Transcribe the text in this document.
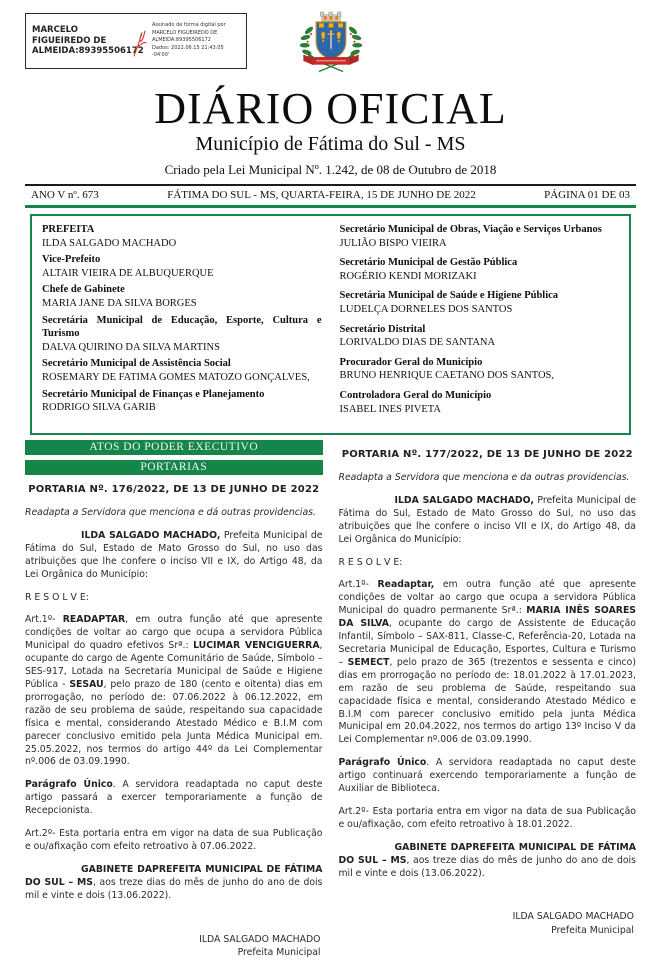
MARCELO FIGUEIREDO DE ALMEIDA:89395506172
Assinado de forma digital por
MARCELO FIGUEIREDO DE
ALMEIDA:89395506172
Dados: 2022.06.15 21:43:05 -04'00'
DIÁRIO OFICIAL
Município de Fátima do Sul - MS
Criado pela Lei Municipal Nº. 1.242, de 08 de Outubro de 2018
ANO V nº. 673	FÁTIMA DO SUL - MS, QUARTA-FEIRA, 15 DE JUNHO DE 2022	PÁGINA 01 DE 03
PREFEITA
ILDA SALGADO MACHADO
Vice-Prefeito
ALTAIR VIEIRA DE ALBUQUERQUE
Chefe de Gabinete
MARIA JANE DA SILVA BORGES
Secretária Municipal de Educação, Esporte, Cultura e Turismo
DALVA QUIRINO DA SILVA MARTINS
Secretário Municipal de Assistência Social
ROSEMARY DE FATIMA GOMES MATOZO GONÇALVES,
Secretário Municipal de Finanças e Planejamento
RODRIGO SILVA GARIB
Secretário Municipal de Obras, Viação e Serviços Urbanos
JULIÃO BISPO VIEIRA
Secretário Municipal de Gestão Pública
ROGÉRIO KENDI MORIZAKI
Secretária Municipal de Saúde e Higiene Pública
LUDELÇA DORNELES DOS SANTOS
Secretário Distrital
LORIVALDO DIAS DE SANTANA
Procurador Geral do Município
BRUNO HENRIQUE CAETANO DOS SANTOS,
Controladora Geral do Município
ISABEL INES PIVETA
ATOS DO PODER EXECUTIVO
PORTARIAS
PORTARIA Nº. 176/2022, DE 13 DE JUNHO DE 2022

Readapta a Servidora que menciona e dá outras providencias.

ILDA SALGADO MACHADO, Prefeita Municipal de Fátima do Sul, Estado de Mato Grosso do Sul, no uso das atribuições que lhe confere o inciso VII e IX, do Artigo 48, da Lei Orgânica do Município:

R E S O L V E:

Art.1º- READAPTAR, em outra função até que apresente condições de voltar ao cargo que ocupa a servidora Pública Municipal do quadro efetivos Srª.: LUCIMAR VENCIGUERRA, ocupante do cargo de Agente Comunitário de Saúde, Símbolo – SES-917, Lotada na Secretaria Municipal de Saúde e Higiene Pública - SESAU, pelo prazo de 180 (cento e oitenta) dias em prorrogação, no período de: 07.06.2022 à 06.12.2022, em razão de seu problema de saúde, respeitando sua capacidade física e mental, considerando Atestado Médico e B.I.M com parecer conclusivo emitido pela Junta Médica Municipal em. 25.05.2022, nos termos do artigo 44º da Lei Complementar nº.006 de 03.09.1990.

Parágrafo Único. A servidora readaptada no caput deste artigo passará a exercer temporariamente a função de Recepcionista.

Art.2º- Esta portaria entra em vigor na data de sua Publicação e ou/afixação com efeito retroativo à 07.06.2022.

GABINETE DAPREFEITA MUNICIPAL DE FÁTIMA DO SUL – MS, aos treze dias do mês de junho do ano de dois mil e vinte e dois (13.06.2022).

ILDA SALGADO MACHADO
Prefeita Municipal
PORTARIA Nº. 177/2022, DE 13 DE JUNHO DE 2022

Readapta a Servidora que menciona e da outras providencias.

ILDA SALGADO MACHADO, Prefeita Municipal de Fátima do Sul, Estado de Mato Grosso do Sul, no uso das atribuições que lhe confere o inciso VII e IX, do Artigo 48, da Lei Orgânica do Município:

R E S O L V E:

Art.1º- Readaptar, em outra função até que apresente condições de voltar ao cargo que ocupa a servidora Pública Municipal do quadro permanente Srª.: MARIA INÊS SOARES DA SILVA, ocupante do cargo de Assistente de Educação Infantil, Símbolo – SAX-811, Classe-C, Referência-20, Lotada na Secretaria Municipal de Educação, Esportes, Cultura e Turismo – SEMECT, pelo prazo de 365 (trezentos e sessenta e cinco) dias em prorrogação no período de: 18.01.2022 à 17.01.2023, em razão de seu problema de Saúde, respeitando sua capacidade física e mental, considerando Atestado Médico e B.I.M com parecer conclusivo emitido pela junta Médica Municipal em 20.04.2022, nos termos do artigo 13º Inciso V da Lei Complementar nº.006 de 03.09.1990.

Parágrafo Único. A servidora readaptada no caput deste artigo continuará exercendo temporariamente a função de Auxiliar de Biblioteca.

Art.2º- Esta portaria entra em vigor na data de sua Publicação e ou/afixação, com efeito retroativo à 18.01.2022.

GABINETE DAPREFEITA MUNICIPAL DE FÁTIMA DO SUL – MS, aos treze dias do mês de junho do ano de dois mil e vinte e dois (13.06.2022).

ILDA SALGADO MACHADO
Prefeita Municipal
